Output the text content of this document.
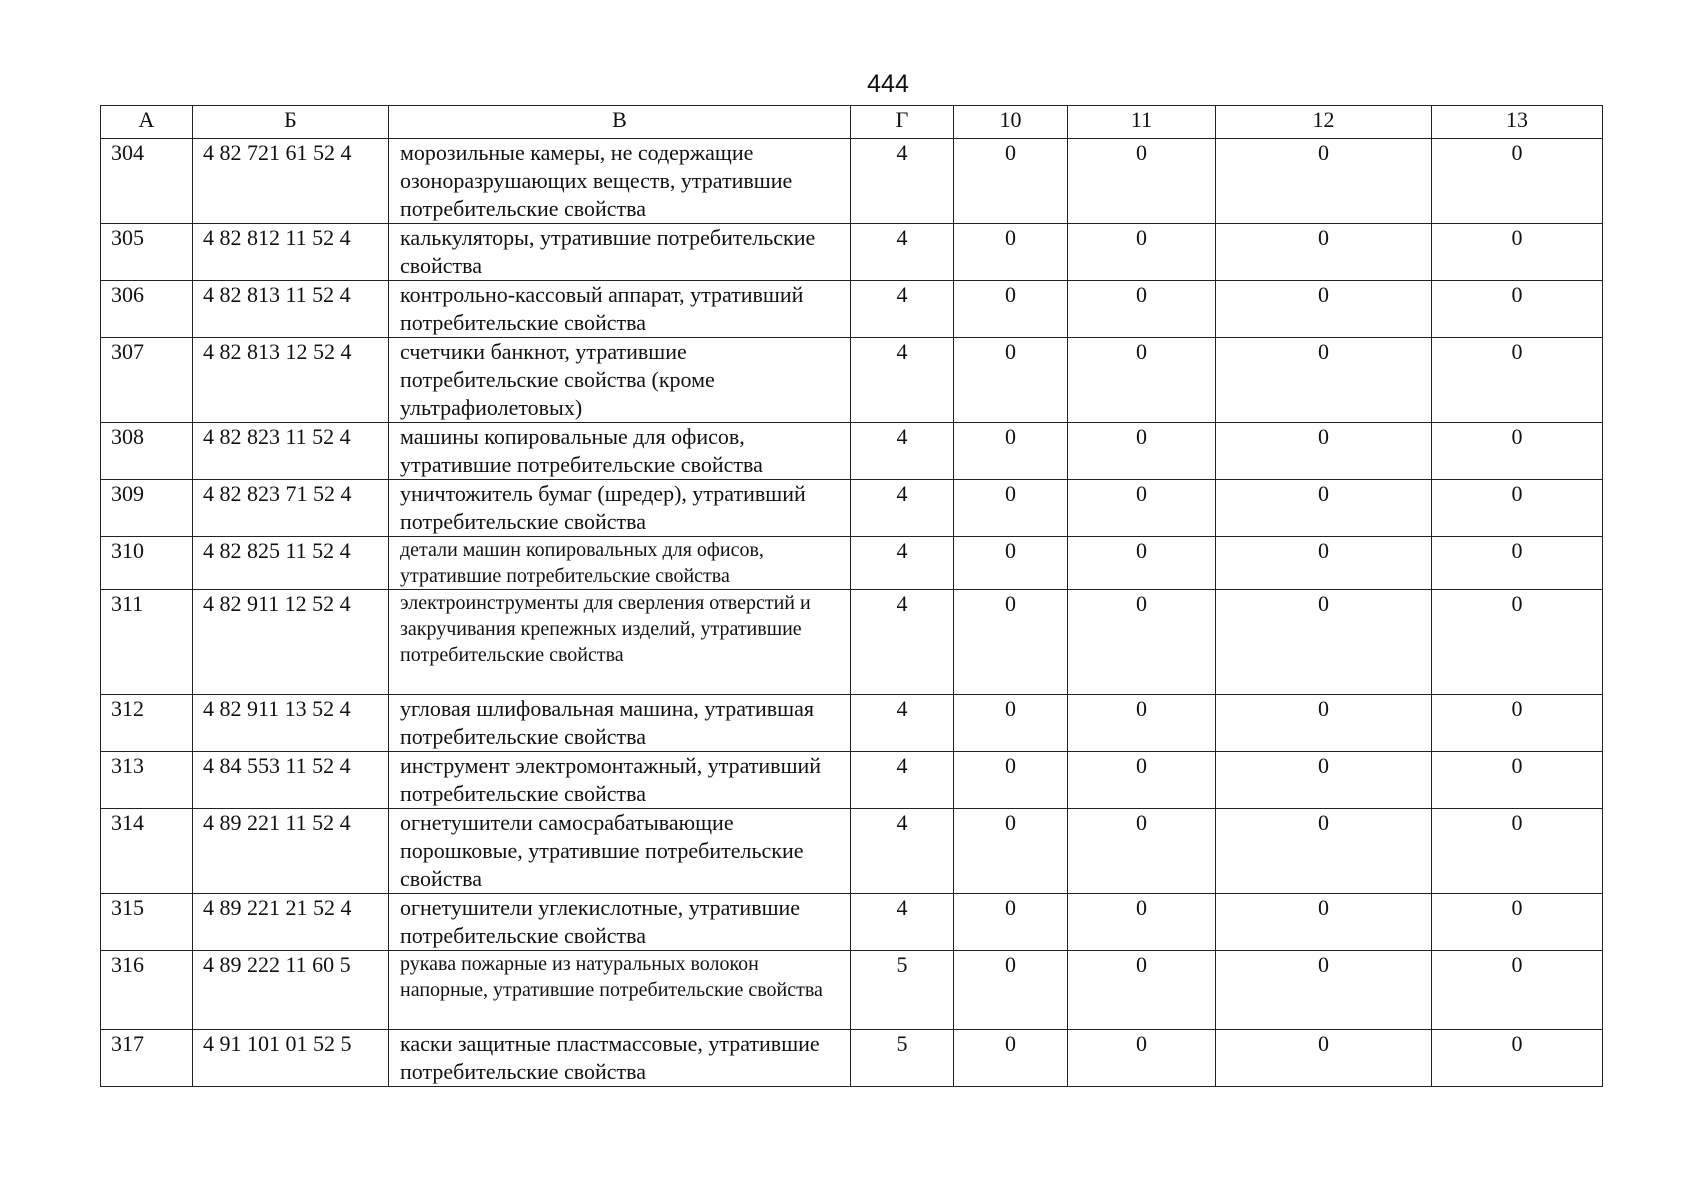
444
А	Б	В	Г	10	11	12	13
304	4 82 721 61 52 4	морозильные камеры, не содержащие озоноразрушающих веществ, утратившие потребительские свойства	4	0	0	0	0
305	4 82 812 11 52 4	калькуляторы, утратившие потребительские свойства	4	0	0	0	0
306	4 82 813 11 52 4	контрольно-кассовый аппарат, утративший потребительские свойства	4	0	0	0	0
307	4 82 813 12 52 4	счетчики банкнот, утратившие потребительские свойства (кроме ультрафиолетовых)	4	0	0	0	0
308	4 82 823 11 52 4	машины копировальные для офисов, утратившие потребительские свойства	4	0	0	0	0
309	4 82 823 71 52 4	уничтожитель бумаг (шредер), утративший потребительские свойства	4	0	0	0	0
310	4 82 825 11 52 4	детали машин копировальных для офисов, утратившие потребительские свойства	4	0	0	0	0
311	4 82 911 12 52 4	электроинструменты для сверления отверстий и закручивания крепежных изделий, утратившие потребительские свойства	4	0	0	0	0
312	4 82 911 13 52 4	угловая шлифовальная машина, утратившая потребительские свойства	4	0	0	0	0
313	4 84 553 11 52 4	инструмент электромонтажный, утративший потребительские свойства	4	0	0	0	0
314	4 89 221 11 52 4	огнетушители самосрабатывающие порошковые, утратившие потребительские свойства	4	0	0	0	0
315	4 89 221 21 52 4	огнетушители углекислотные, утратившие потребительские свойства	4	0	0	0	0
316	4 89 222 11 60 5	рукава пожарные из натуральных волокон напорные, утратившие потребительские свойства	5	0	0	0	0
317	4 91 101 01 52 5	каски защитные пластмассовые, утратившие потребительские свойства	5	0	0	0	0
